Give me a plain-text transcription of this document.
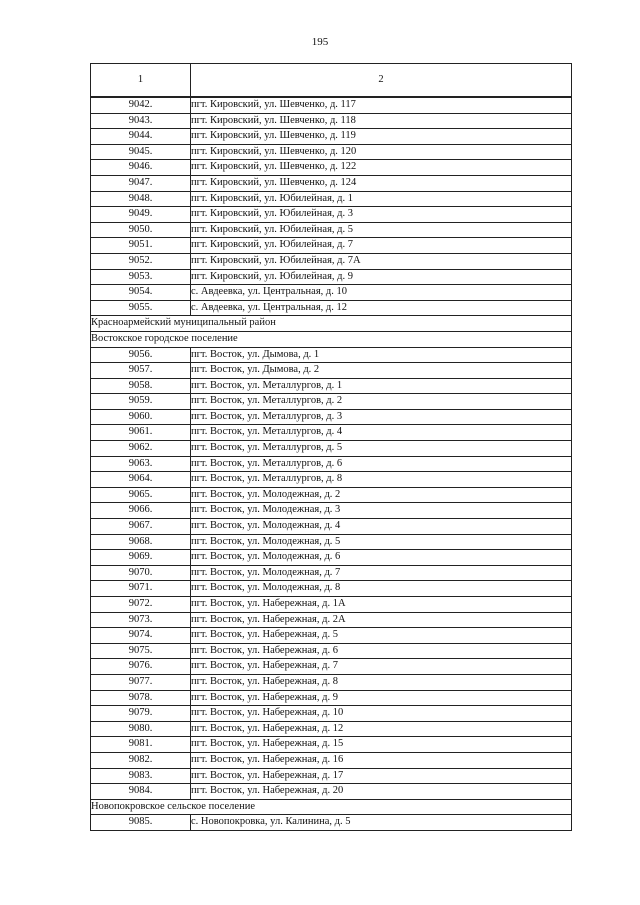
195
1	2
9042.	пгт. Кировский, ул. Шевченко, д. 117
9043.	пгт. Кировский, ул. Шевченко, д. 118
9044.	пгт. Кировский, ул. Шевченко, д. 119
9045.	пгт. Кировский, ул. Шевченко, д. 120
9046.	пгт. Кировский, ул. Шевченко, д. 122
9047.	пгт. Кировский, ул. Шевченко, д. 124
9048.	пгт. Кировский, ул. Юбилейная, д. 1
9049.	пгт. Кировский, ул. Юбилейная, д. 3
9050.	пгт. Кировский, ул. Юбилейная, д. 5
9051.	пгт. Кировский, ул. Юбилейная, д. 7
9052.	пгт. Кировский, ул. Юбилейная, д. 7А
9053.	пгт. Кировский, ул. Юбилейная, д. 9
9054.	с. Авдеевка, ул. Центральная, д. 10
9055.	с. Авдеевка, ул. Центральная, д. 12
Красноармейский муниципальный район	
Востокское городское поселение	
9056.	пгт. Восток, ул. Дымова, д. 1
9057.	пгт. Восток, ул. Дымова, д. 2
9058.	пгт. Восток, ул. Металлургов, д. 1
9059.	пгт. Восток, ул. Металлургов, д. 2
9060.	пгт. Восток, ул. Металлургов, д. 3
9061.	пгт. Восток, ул. Металлургов, д. 4
9062.	пгт. Восток, ул. Металлургов, д. 5
9063.	пгт. Восток, ул. Металлургов, д. 6
9064.	пгт. Восток, ул. Металлургов, д. 8
9065.	пгт. Восток, ул. Молодежная, д. 2
9066.	пгт. Восток, ул. Молодежная, д. 3
9067.	пгт. Восток, ул. Молодежная, д. 4
9068.	пгт. Восток, ул. Молодежная, д. 5
9069.	пгт. Восток, ул. Молодежная, д. 6
9070.	пгт. Восток, ул. Молодежная, д. 7
9071.	пгт. Восток, ул. Молодежная, д. 8
9072.	пгт. Восток, ул. Набережная, д. 1А
9073.	пгт. Восток, ул. Набережная, д. 2А
9074.	пгт. Восток, ул. Набережная, д. 5
9075.	пгт. Восток, ул. Набережная, д. 6
9076.	пгт. Восток, ул. Набережная, д. 7
9077.	пгт. Восток, ул. Набережная, д. 8
9078.	пгт. Восток, ул. Набережная, д. 9
9079.	пгт. Восток, ул. Набережная, д. 10
9080.	пгт. Восток, ул. Набережная, д. 12
9081.	пгт. Восток, ул. Набережная, д. 15
9082.	пгт. Восток, ул. Набережная, д. 16
9083.	пгт. Восток, ул. Набережная, д. 17
9084.	пгт. Восток, ул. Набережная, д. 20
Новопокровское сельское поселение	
9085.	с. Новопокровка, ул. Калинина, д. 5
